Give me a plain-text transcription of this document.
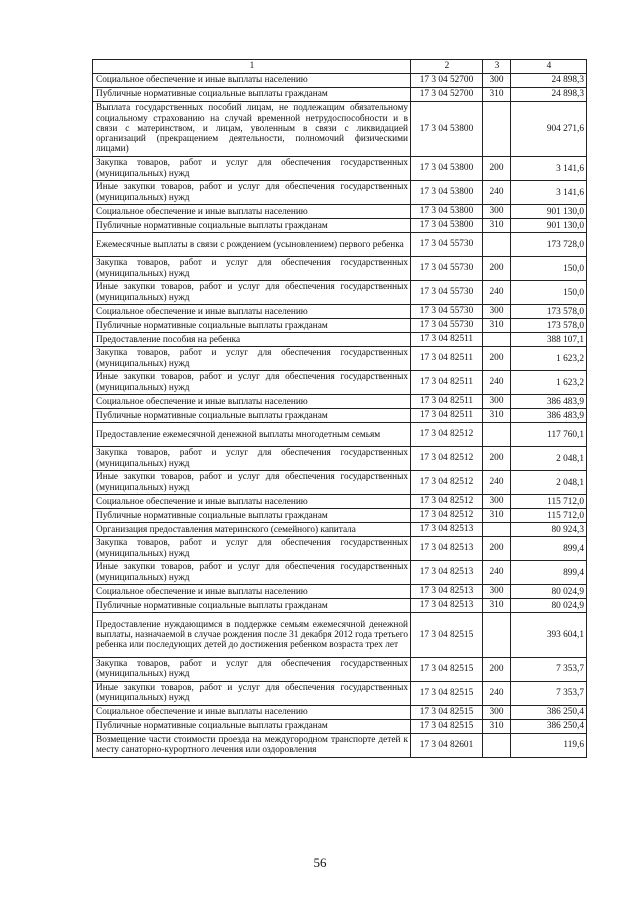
1	2	3	4
Социальное обеспечение и иные выплаты населению	17 3 04 52700	300	24 898,3
Публичные нормативные социальные выплаты гражданам	17 3 04 52700	310	24 898,3
Выплата государственных пособий лицам, не подлежащим обязательному социальному страхованию на случай временной нетрудоспособности и в связи с материнством, и лицам, уволенным в связи с ликвидацией организаций (прекращением деятельности, полномочий физическими лицами)	17 3 04 53800		904 271,6
Закупка товаров, работ и услуг для обеспечения государственных (муниципальных) нужд	17 3 04 53800	200	3 141,6
Иные закупки товаров, работ и услуг для обеспечения государственных (муниципальных) нужд	17 3 04 53800	240	3 141,6
Социальное обеспечение и иные выплаты населению	17 3 04 53800	300	901 130,0
Публичные нормативные социальные выплаты гражданам	17 3 04 53800	310	901 130,0
Ежемесячные выплаты в связи с рождением (усыновлением) первого ребенка	17 3 04 55730		173 728,0
Закупка товаров, работ и услуг для обеспечения государственных (муниципальных) нужд	17 3 04 55730	200	150,0
Иные закупки товаров, работ и услуг для обеспечения государственных (муниципальных) нужд	17 3 04 55730	240	150,0
Социальное обеспечение и иные выплаты населению	17 3 04 55730	300	173 578,0
Публичные нормативные социальные выплаты гражданам	17 3 04 55730	310	173 578,0
Предоставление пособия на ребенка	17 3 04 82511		388 107,1
Закупка товаров, работ и услуг для обеспечения государственных (муниципальных) нужд	17 3 04 82511	200	1 623,2
Иные закупки товаров, работ и услуг для обеспечения государственных (муниципальных) нужд	17 3 04 82511	240	1 623,2
Социальное обеспечение и иные выплаты населению	17 3 04 82511	300	386 483,9
Публичные нормативные социальные выплаты гражданам	17 3 04 82511	310	386 483,9
Предоставление ежемесячной денежной выплаты многодетным семьям	17 3 04 82512		117 760,1
Закупка товаров, работ и услуг для обеспечения государственных (муниципальных) нужд	17 3 04 82512	200	2 048,1
Иные закупки товаров, работ и услуг для обеспечения государственных (муниципальных) нужд	17 3 04 82512	240	2 048,1
Социальное обеспечение и иные выплаты населению	17 3 04 82512	300	115 712,0
Публичные нормативные социальные выплаты гражданам	17 3 04 82512	310	115 712,0
Организация предоставления материнского (семейного) капитала	17 3 04 82513		80 924,3
Закупка товаров, работ и услуг для обеспечения государственных (муниципальных) нужд	17 3 04 82513	200	899,4
Иные закупки товаров, работ и услуг для обеспечения государственных (муниципальных) нужд	17 3 04 82513	240	899,4
Социальное обеспечение и иные выплаты населению	17 3 04 82513	300	80 024,9
Публичные нормативные социальные выплаты гражданам	17 3 04 82513	310	80 024,9
Предоставление нуждающимся в поддержке семьям ежемесячной денежной выплаты, назначаемой в случае рождения после 31 декабря 2012 года третьего ребенка или последующих детей до достижения ребенком возраста трех лет	17 3 04 82515		393 604,1
Закупка товаров, работ и услуг для обеспечения государственных (муниципальных) нужд	17 3 04 82515	200	7 353,7
Иные закупки товаров, работ и услуг для обеспечения государственных (муниципальных) нужд	17 3 04 82515	240	7 353,7
Социальное обеспечение и иные выплаты населению	17 3 04 82515	300	386 250,4
Публичные нормативные социальные выплаты гражданам	17 3 04 82515	310	386 250,4
Возмещение части стоимости проезда на междугородном транспорте детей к месту санаторно-курортного лечения или оздоровления	17 3 04 82601		119,6
56
